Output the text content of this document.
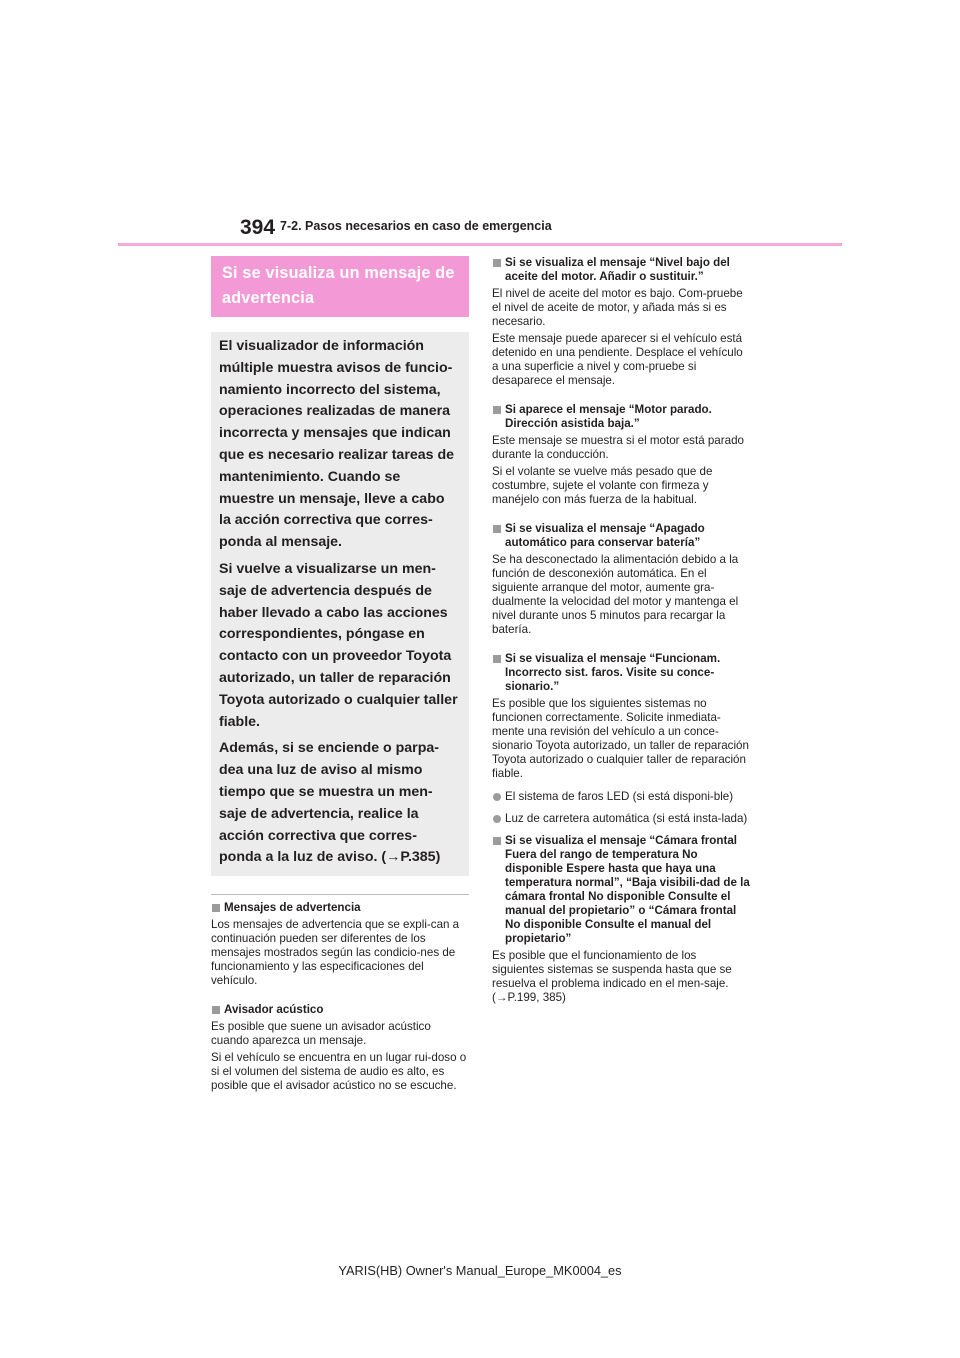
394 7-2. Pasos necesarios en caso de emergencia
Si se visualiza un mensaje de advertencia

El visualizador de información múltiple muestra avisos de funcio-namiento incorrecto del sistema, operaciones realizadas de manera incorrecta y mensajes que indican que es necesario realizar tareas de mantenimiento. Cuando se muestre un mensaje, lleve a cabo la acción correctiva que corres-ponda al mensaje.

Si vuelve a visualizarse un men-saje de advertencia después de haber llevado a cabo las acciones correspondientes, póngase en contacto con un proveedor Toyota autorizado, un taller de reparación Toyota autorizado o cualquier taller fiable.

Además, si se enciende o parpa-dea una luz de aviso al mismo tiempo que se muestra un men-saje de advertencia, realice la acción correctiva que corres-ponda a la luz de aviso. (→P.385)

Mensajes de advertencia

Los mensajes de advertencia que se expli-can a continuación pueden ser diferentes de los mensajes mostrados según las condicio-nes de funcionamiento y las especificaciones del vehículo.

Avisador acústico

Es posible que suene un avisador acústico cuando aparezca un mensaje.

Si el vehículo se encuentra en un lugar rui-doso o si el volumen del sistema de audio es alto, es posible que el avisador acústico no se escuche.

Si se visualiza el mensaje “Nivel bajo del aceite del motor. Añadir o sustituir.”

El nivel de aceite del motor es bajo. Com-pruebe el nivel de aceite de motor, y añada más si es necesario.

Este mensaje puede aparecer si el vehículo está detenido en una pendiente. Desplace el vehículo a una superficie a nivel y com-pruebe si desaparece el mensaje.

Si aparece el mensaje “Motor parado. Dirección asistida baja.”

Este mensaje se muestra si el motor está parado durante la conducción.

Si el volante se vuelve más pesado que de costumbre, sujete el volante con firmeza y manéjelo con más fuerza de la habitual.

Si se visualiza el mensaje “Apagado automático para conservar batería”

Se ha desconectado la alimentación debido a la función de desconexión automática. En el siguiente arranque del motor, aumente gra-dualmente la velocidad del motor y mantenga el nivel durante unos 5 minutos para recargar la batería.

Si se visualiza el mensaje “Funcionam. Incorrecto sist. faros. Visite su conce-sionario.”

Es posible que los siguientes sistemas no funcionen correctamente. Solicite inmediata-mente una revisión del vehículo a un conce-sionario Toyota autorizado, un taller de reparación Toyota autorizado o cualquier taller de reparación fiable.

El sistema de faros LED (si está disponi-ble)
Luz de carretera automática (si está insta-lada)
Si se visualiza el mensaje “Cámara frontal Fuera del rango de temperatura No disponible Espere hasta que haya una temperatura normal”, “Baja visibili-dad de la cámara frontal No disponible Consulte el manual del propietario” o “Cámara frontal No disponible Consulte el manual del propietario”

Es posible que el funcionamiento de los siguientes sistemas se suspenda hasta que se resuelva el problema indicado en el men-saje. (→P.199, 385)

YARIS(HB) Owner's Manual_Europe_MK0004_es
